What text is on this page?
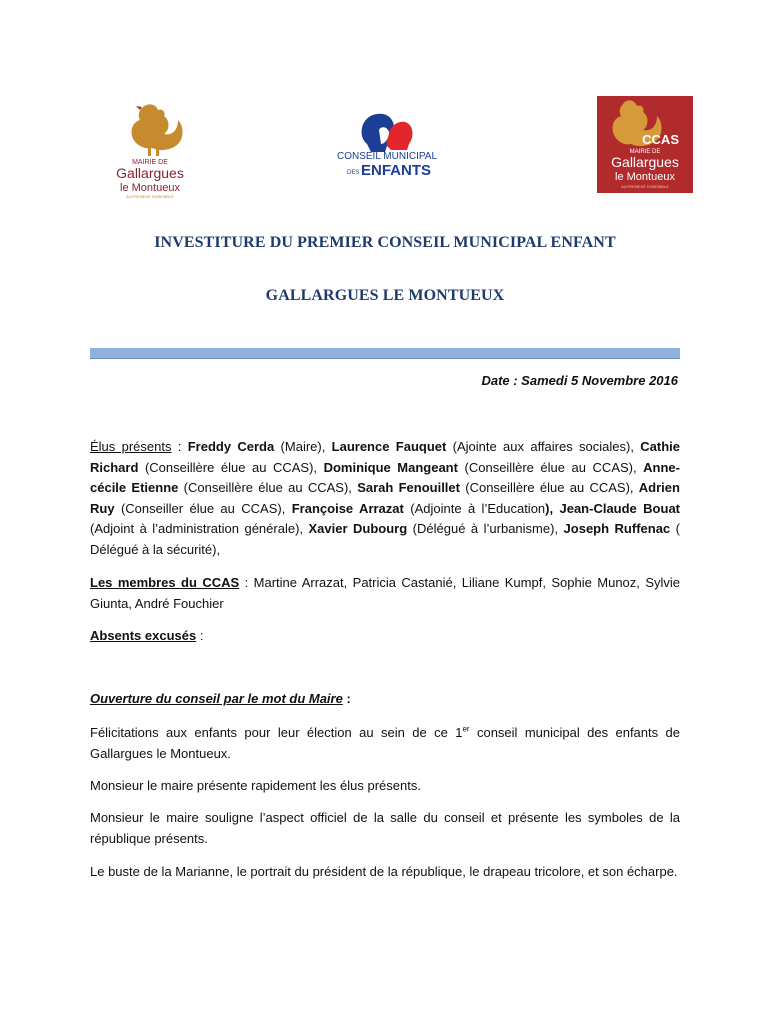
MAIRIE DE
Gallargues
le Montueux
AUTREMENT ENSEMBLE
CONSEIL MUNICIPAL
DES ENFANTS
CCAS
MAIRIE DE
Gallargues
le Montueux
AUTREMENT ENSEMBLE
INVESTITURE DU PREMIER CONSEIL MUNICIPAL ENFANT
GALLARGUES LE MONTUEUX
Date : Samedi 5 Novembre 2016

Élus présents : Freddy Cerda (Maire), Laurence Fauquet (Ajointe aux affaires sociales), Cathie Richard (Conseillère élue au CCAS), Dominique Mangeant (Conseillère élue au CCAS), Anne-cécile Etienne (Conseillère élue au CCAS), Sarah Fenouillet (Conseillère élue au CCAS), Adrien Ruy (Conseiller élue au CCAS), Françoise Arrazat (Adjointe à l’Education), Jean-Claude Bouat (Adjoint à l’administration générale), Xavier Dubourg (Délégué à l’urbanisme), Joseph Ruffenac ( Délégué à la sécurité),

Les membres du CCAS : Martine Arrazat, Patricia Castanié, Liliane Kumpf, Sophie Munoz, Sylvie Giunta, André Fouchier

Absents excusés :

Ouverture du conseil par le mot du Maire :

Félicitations aux enfants pour leur élection au sein de ce 1er conseil municipal des enfants de Gallargues le Montueux.

Monsieur le maire présente rapidement les élus présents.

Monsieur le maire souligne l’aspect officiel de la salle du conseil et présente les symboles de la république présents.

Le buste de la Marianne, le portrait du président de la république, le drapeau tricolore, et son écharpe.
